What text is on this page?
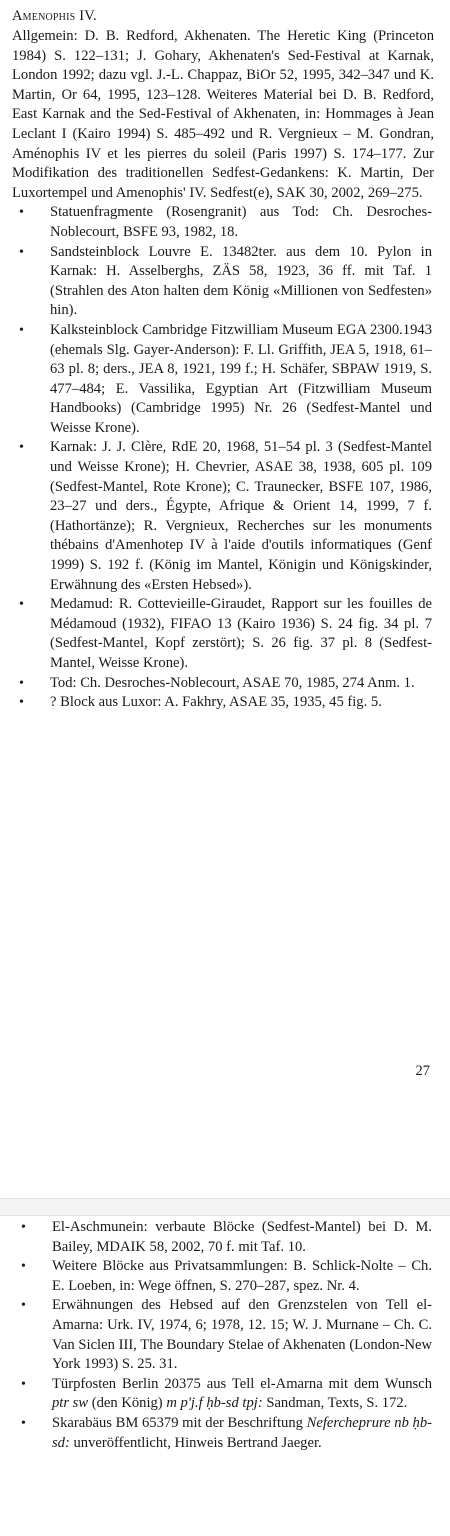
Amenophis IV.

Allgemein: D. B. Redford, Akhenaten. The Heretic King (Princeton 1984) S. 122–131; J. Gohary, Akhenaten's Sed-Festival at Karnak, London 1992; dazu vgl. J.-L. Chappaz, BiOr 52, 1995, 342–347 und K. Martin, Or 64, 1995, 123–128. Weiteres Material bei D. B. Redford, East Karnak and the Sed-Festival of Akhenaten, in: Hommages à Jean Leclant I (Kairo 1994) S. 485–492 und R. Vergnieux – M. Gondran, Aménophis IV et les pierres du soleil (Paris 1997) S. 174–177. Zur Modifikation des traditionellen Sedfest-Gedankens: K. Martin, Der Luxortempel und Amenophis' IV. Sedfest(e), SAK 30, 2002, 269–275.

• Statuenfragmente (Rosengranit) aus Tod: Ch. Desroches-Noblecourt, BSFE 93, 1982, 18.
• Sandsteinblock Louvre E. 13482ter. aus dem 10. Pylon in Karnak: H. Asselberghs, ZÄS 58, 1923, 36 ff. mit Taf. 1 (Strahlen des Aton halten dem König «Millionen von Sedfesten» hin).
• Kalksteinblock Cambridge Fitzwilliam Museum EGA 2300.1943 (ehemals Slg. Gayer-Anderson): F. Ll. Griffith, JEA 5, 1918, 61–63 pl. 8; ders., JEA 8, 1921, 199 f.; H. Schäfer, SBPAW 1919, S. 477–484; E. Vassilika, Egyptian Art (Fitzwilliam Museum Handbooks) (Cambridge 1995) Nr. 26 (Sedfest-Mantel und Weisse Krone).
• Karnak: J. J. Clère, RdE 20, 1968, 51–54 pl. 3 (Sedfest-Mantel und Weisse Krone); H. Chevrier, ASAE 38, 1938, 605 pl. 109 (Sedfest-Mantel, Rote Krone); C. Traunecker, BSFE 107, 1986, 23–27 und ders., Égypte, Afrique & Orient 14, 1999, 7 f. (Hathortänze); R. Vergnieux, Recherches sur les monuments thébains d'Amenhotep IV à l'aide d'outils informatiques (Genf 1999) S. 192 f. (König im Mantel, Königin und Königskinder, Erwähnung des «Ersten Hebsed»).
• Medamud: R. Cottevieille-Giraudet, Rapport sur les fouilles de Médamoud (1932), FIFAO 13 (Kairo 1936) S. 24 fig. 34 pl. 7 (Sedfest-Mantel, Kopf zerstört); S. 26 fig. 37 pl. 8 (Sedfest-Mantel, Weisse Krone).
• Tod: Ch. Desroches-Noblecourt, ASAE 70, 1985, 274 Anm. 1.
• ? Block aus Luxor: A. Fakhry, ASAE 35, 1935, 45 fig. 5.
27
• El-Aschmunein: verbaute Blöcke (Sedfest-Mantel) bei D. M. Bailey, MDAIK 58, 2002, 70 f. mit Taf. 10.
• Weitere Blöcke aus Privatsammlungen: B. Schlick-Nolte – Ch. E. Loeben, in: Wege öffnen, S. 270–287, spez. Nr. 4.
• Erwähnungen des Hebsed auf den Grenzstelen von Tell el-Amarna: Urk. IV, 1974, 6; 1978, 12. 15; W. J. Murnane – Ch. C. Van Siclen III, The Boundary Stelae of Akhenaten (London-New York 1993) S. 25. 31.
• Türpfosten Berlin 20375 aus Tell el-Amarna mit dem Wunsch ptr sw (den König) m p'j.f ḥb-sd tpj: Sandman, Texts, S. 172.
• Skarabäus BM 65379 mit der Beschriftung Nefercheprure nb ḥb-sd: unveröffentlicht, Hinweis Bertrand Jaeger.
